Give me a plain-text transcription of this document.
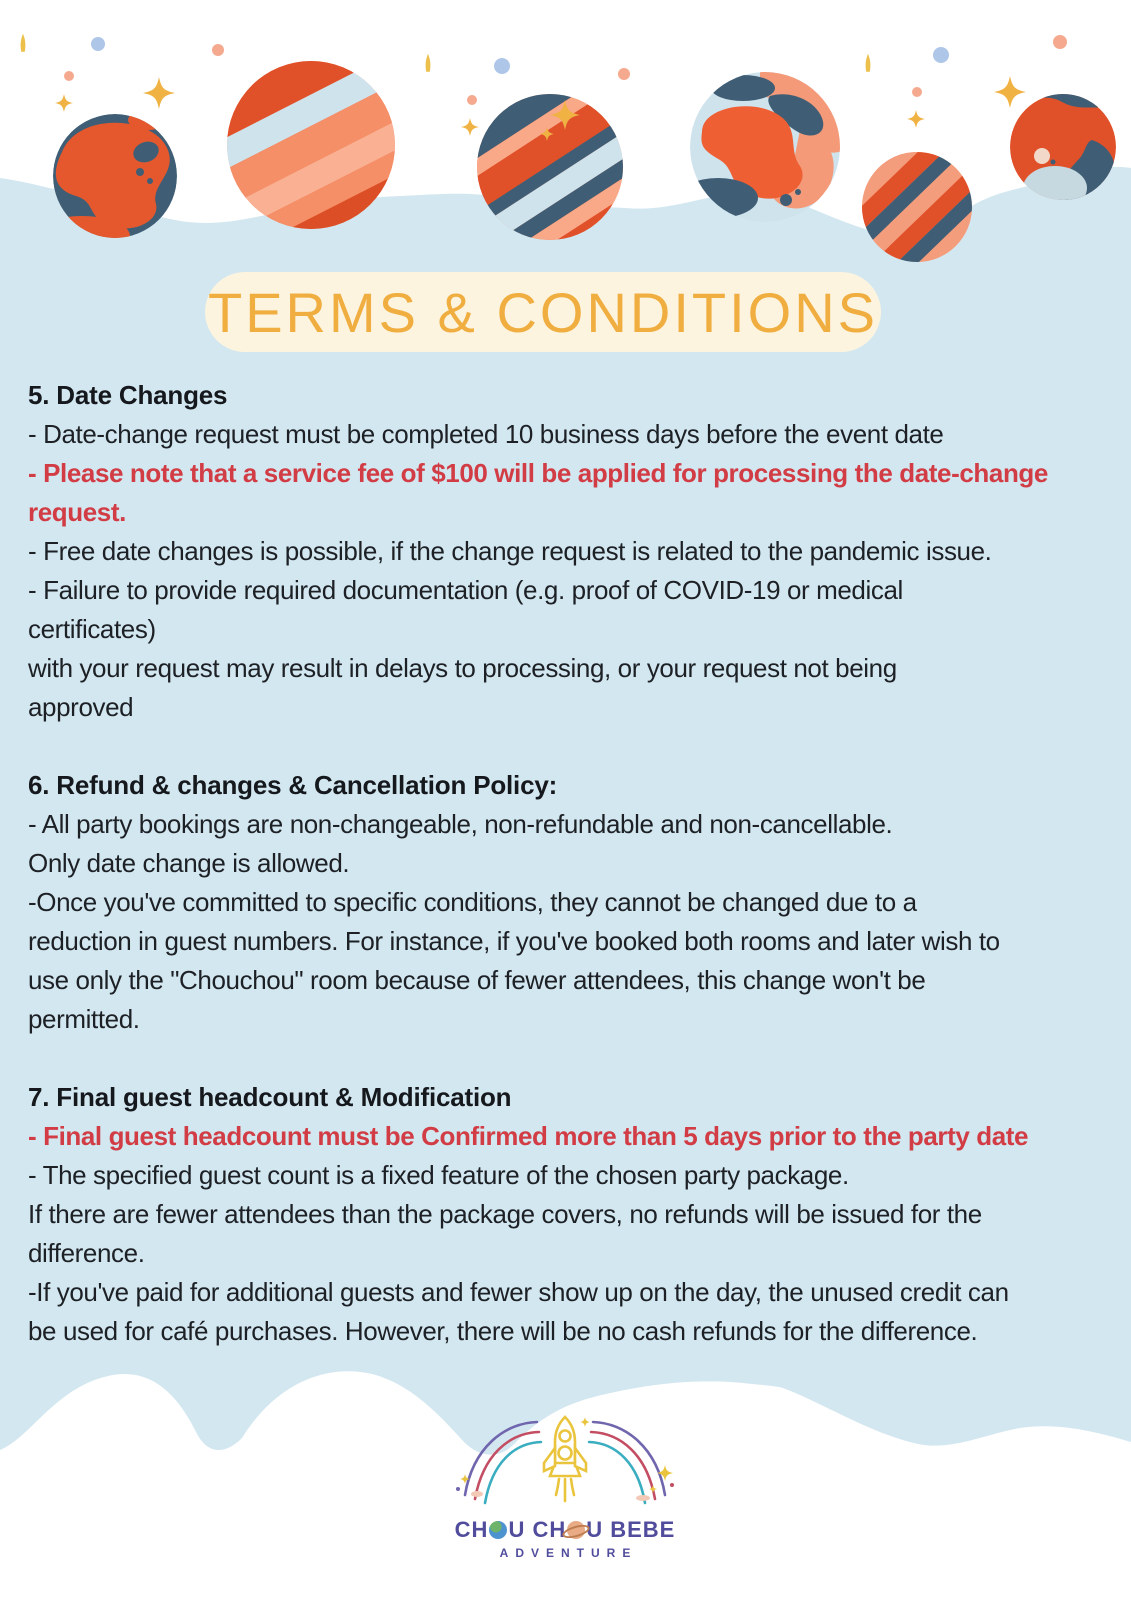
TERMS & CONDITIONS
5. Date Changes
- Date-change request must be completed 10 business days before the event date
- Please note that a service fee of $100 will be applied for processing the date-change
request.
- Free date changes is possible, if the change request is related to the pandemic issue.
- Failure to provide required documentation (e.g. proof of COVID-19 or medical
certificates)
with your request may result in delays to processing, or your request not being
approved
6. Refund & changes & Cancellation Policy:
- All party bookings are non-changeable, non-refundable and non-cancellable.
Only date change is allowed.
-Once you've committed to specific conditions, they cannot be changed due to a
reduction in guest numbers. For instance, if you've booked both rooms and later wish to
use only the "Chouchou" room because of fewer attendees, this change won't be
permitted.
7. Final guest headcount & Modification
- Final guest headcount must be Confirmed more than 5 days prior to the party date
- The specified guest count is a fixed feature of the chosen party package.
If there are fewer attendees than the package covers, no refunds will be issued for the
difference.
-If you've paid for additional guests and fewer show up on the day, the unused credit can
be used for café purchases. However, there will be no cash refunds for the difference.
CH U CH U BEBE
ADVENTURE
